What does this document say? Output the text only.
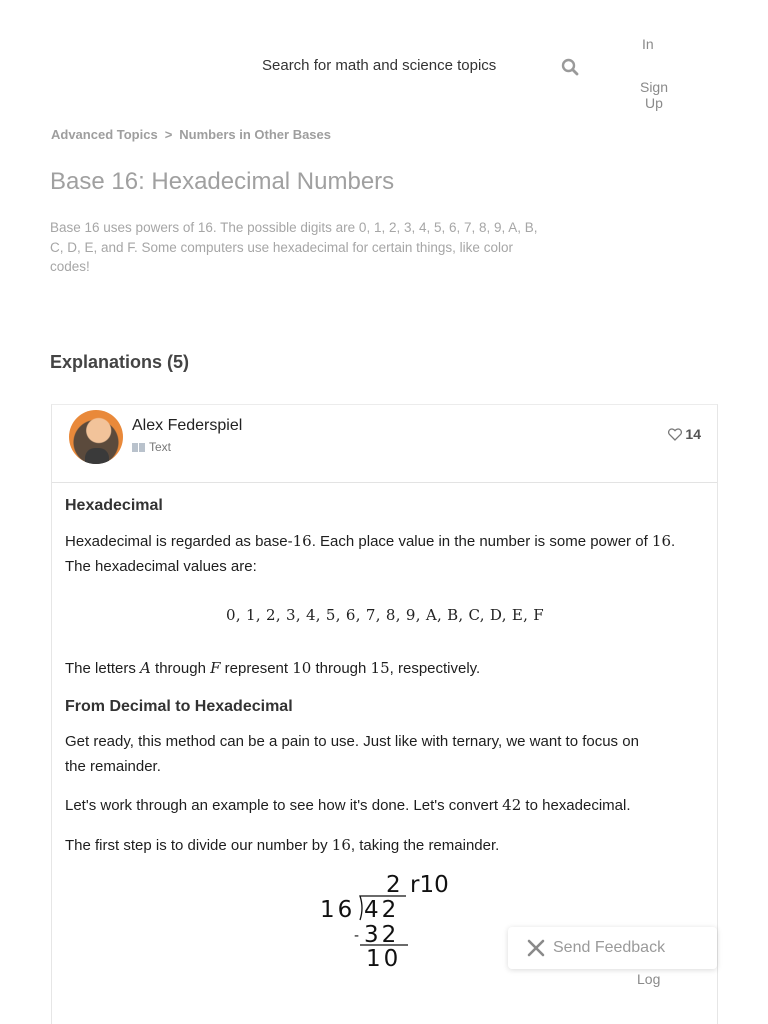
Search for math and science topics
In
Sign Up
Advanced Topics > Numbers in Other Bases
Base 16: Hexadecimal Numbers

Base 16 uses powers of 16. The possible digits are 0, 1, 2, 3, 4, 5, 6, 7, 8, 9, A, B, C, D, E, and F. Some computers use hexadecimal for certain things, like color codes!

Explanations (5)
Alex Federspiel
Text
14
Hexadecimal
Hexadecimal is regarded as base-16. Each place value in the number is some power of 16.
The hexadecimal values are:
0, 1, 2, 3, 4, 5, 6, 7, 8, 9, A, B, C, D, E, F
The letters A through F represent 10 through 15, respectively.
From Decimal to Hexadecimal
Get ready, this method can be a pain to use. Just like with ternary, we want to focus on
the remainder.
Let's work through an example to see how it's done. Let's convert 42 to hexadecimal.
The first step is to divide our number by 16, taking the remainder.
2 r10
16 42
- 32
10	Send Feedback
Log
